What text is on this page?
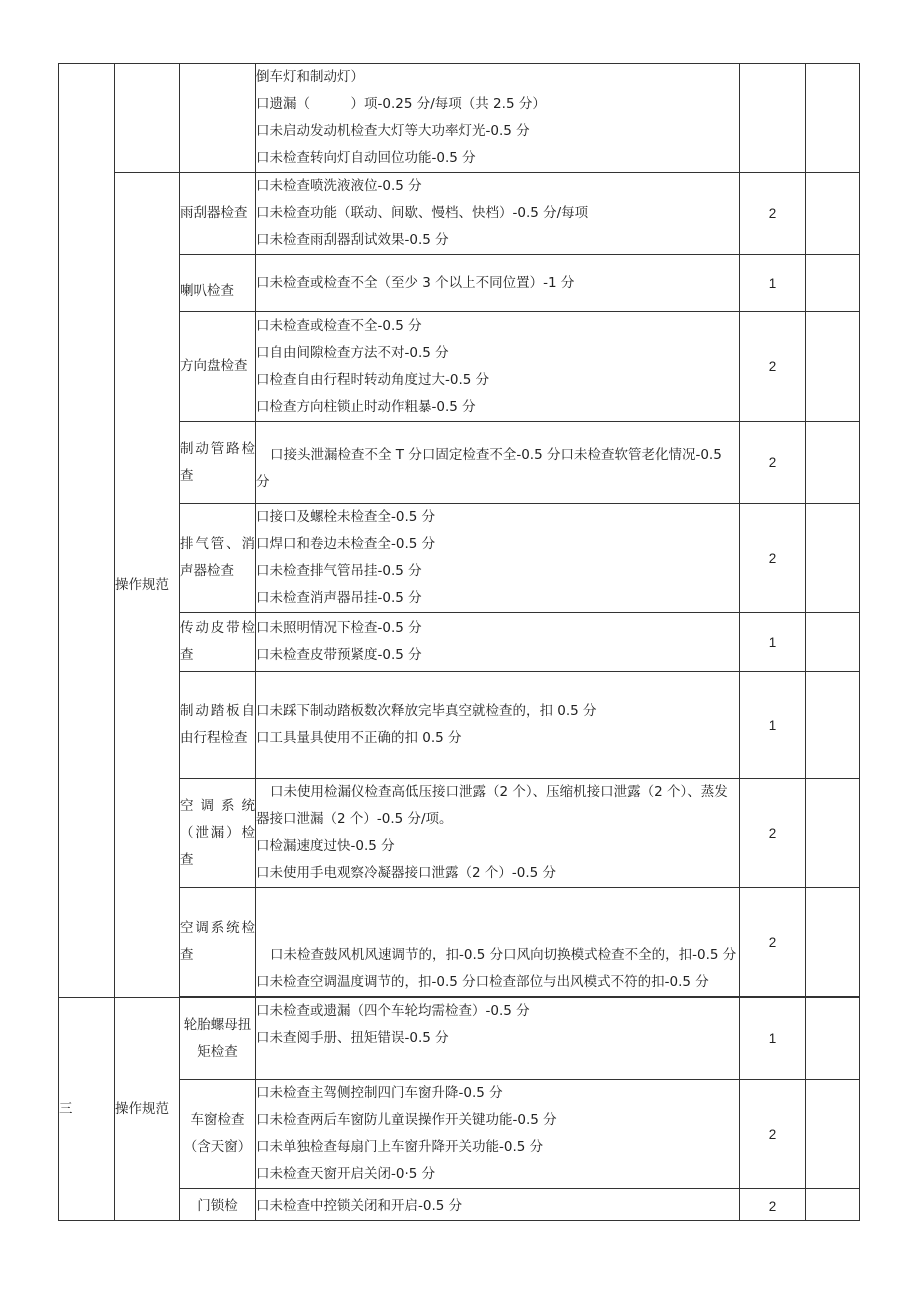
			倒车灯和制动灯）
口遗漏（　　　）项-0.25 分/每项（共 2.5 分）
口未启动发动机检查大灯等大功率灯光-0.5 分
口未检查转向灯自动回位功能-0.5 分		

	操作规范	雨刮器检查	口未检查喷洗液液位-0.5 分
口未检查功能（联动、间歇、慢档、快档）-0.5 分/每项
口未检查雨刮器刮试效果-0.5 分	2	
		喇叭检查	口未检查或检查不全（至少 3 个以上不同位置）-1 分	1	
		方向盘检查	口未检查或检查不全-0.5 分
口自由间隙检查方法不对-0.5 分
口检查自由行程时转动角度过大-0.5 分
口检查方向柱锁止时动作粗暴-0.5 分	2	
		制动管路检查	口接头泄漏检查不全 T 分口固定检查不全-0.5 分口未检查软管老化情况-0.5 分	2	
		排气管、消声器检查	口接口及螺栓未检查全-0.5 分
口焊口和卷边未检查全-0.5 分
口未检查排气管吊挂-0.5 分
口未检查消声器吊挂-0.5 分	2	
		传动皮带检查	口未照明情况下检查-0.5 分
口未检查皮带预紧度-0.5 分	1	
		制动踏板自由行程检查	口未踩下制动踏板数次释放完毕真空就检查的，扣 0.5 分
口工具量具使用不正确的扣 0.5 分	1	
		空调系统（泄漏）检查	口未使用检漏仪检查高低压接口泄露（2 个）、压缩机接口泄露（2 个）、蒸发器接口泄漏（2 个）-0.5 分/项。
口检漏速度过快-0.5 分
口未使用手电观察冷凝器接口泄露（2 个）-0.5 分	2	
		空调系统检查	口未检查鼓风机风速调节的，扣-0.5 分口风向切换模式检查不全的，扣-0.5 分口未检查空调温度调节的，扣-0.5 分口检查部位与出风模式不符的扣-0.5 分	2	

三	操作规范	轮胎螺母扭矩检查	口未检查或遗漏（四个车轮均需检查）-0.5 分
口未查阅手册、扭矩错误-0.5 分	1	
		车窗检查（含天窗）	口未检查主驾侧控制四门车窗升降-0.5 分
口未检查两后车窗防儿童误操作开关键功能-0.5 分
口未单独检查每扇门上车窗升降开关功能-0.5 分
口未检查天窗开启关闭-0·5 分	2	
		门锁检	口未检查中控锁关闭和开启-0.5 分	2	
